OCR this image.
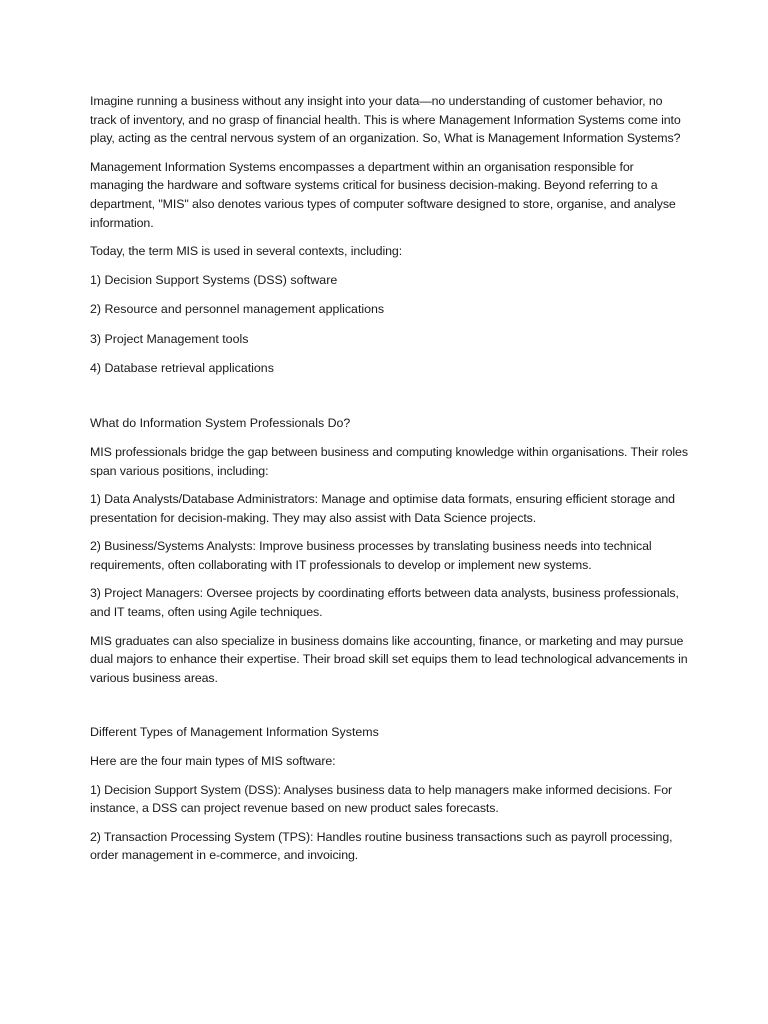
Imagine running a business without any insight into your data—no understanding of customer behavior, no track of inventory, and no grasp of financial health. This is where Management Information Systems come into play, acting as the central nervous system of an organization. So, What is Management Information Systems?

Management Information Systems encompasses a department within an organisation responsible for managing the hardware and software systems critical for business decision-making. Beyond referring to a department, "MIS" also denotes various types of computer software designed to store, organise, and analyse information.

Today, the term MIS is used in several contexts, including:

1) Decision Support Systems (DSS) software

2) Resource and personnel management applications

3) Project Management tools

4) Database retrieval applications

What do Information System Professionals Do?

MIS professionals bridge the gap between business and computing knowledge within organisations. Their roles span various positions, including:

1) Data Analysts/Database Administrators: Manage and optimise data formats, ensuring efficient storage and presentation for decision-making. They may also assist with Data Science projects.

2) Business/Systems Analysts: Improve business processes by translating business needs into technical requirements, often collaborating with IT professionals to develop or implement new systems.

3) Project Managers: Oversee projects by coordinating efforts between data analysts, business professionals, and IT teams, often using Agile techniques.

MIS graduates can also specialize in business domains like accounting, finance, or marketing and may pursue dual majors to enhance their expertise. Their broad skill set equips them to lead technological advancements in various business areas.

Different Types of Management Information Systems

Here are the four main types of MIS software:

1) Decision Support System (DSS): Analyses business data to help managers make informed decisions. For instance, a DSS can project revenue based on new product sales forecasts.

2) Transaction Processing System (TPS): Handles routine business transactions such as payroll processing, order management in e-commerce, and invoicing.
